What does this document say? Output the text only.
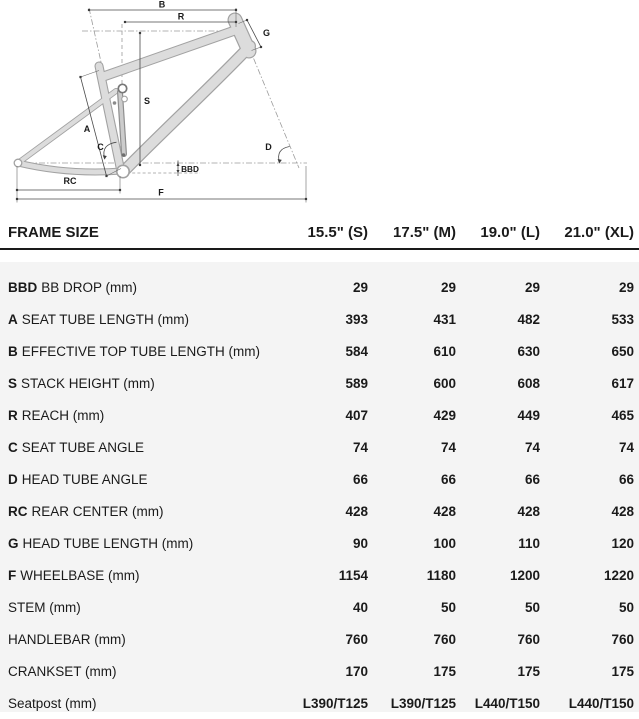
B
R
G
S
A
C	D
BBD
RC
F
FRAME SIZE	15.5" (S)	17.5" (M)	19.0" (L)	21.0" (XL)
BBD BB DROP (mm)	29	29	29	29
A SEAT TUBE LENGTH (mm)	393	431	482	533
B EFFECTIVE TOP TUBE LENGTH (mm)	584	610	630	650
S STACK HEIGHT (mm)	589	600	608	617
R REACH (mm)	407	429	449	465
C SEAT TUBE ANGLE	74	74	74	74
D HEAD TUBE ANGLE	66	66	66	66
RC REAR CENTER (mm)	428	428	428	428
G HEAD TUBE LENGTH (mm)	90	100	110	120
F WHEELBASE (mm)	1154	1180	1200	1220
STEM (mm)	40	50	50	50
HANDLEBAR (mm)	760	760	760	760
CRANKSET (mm)	170	175	175	175
Seatpost (mm)	L390/T125	L390/T125	L440/T150	L440/T150
